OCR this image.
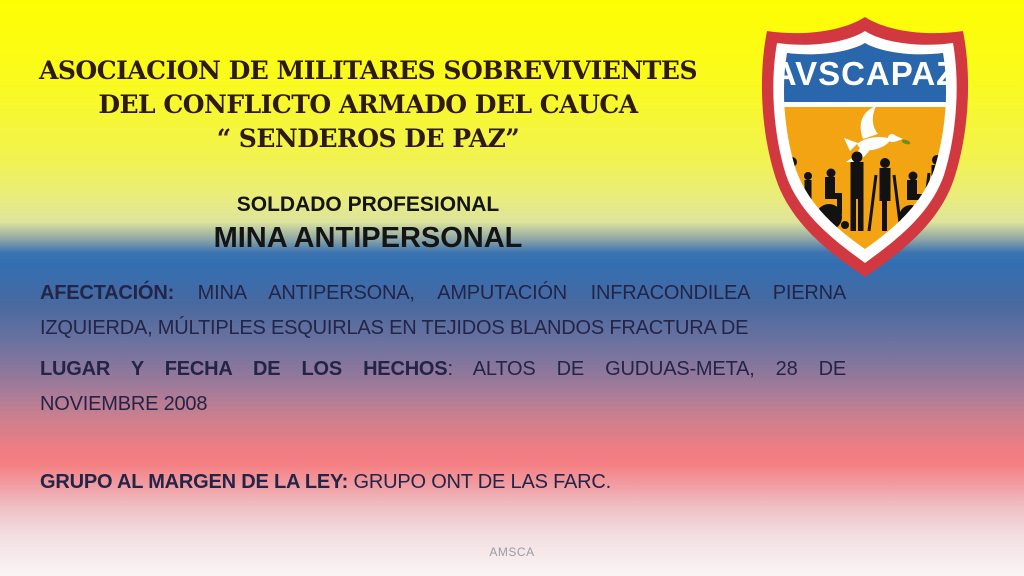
ASOCIACION DE MILITARES SOBREVIVIENTES
DEL CONFLICTO ARMADO DEL CAUCA
“ SENDEROS DE PAZ”
SOLDADO PROFESIONAL
MINA ANTIPERSONAL
AFECTACIÓN: MINA ANTIPERSONA, AMPUTACIÓN INFRACONDILEA PIERNA
IZQUIERDA, MÚLTIPLES ESQUIRLAS EN TEJIDOS BLANDOS FRACTURA DE
LUGAR Y FECHA DE LOS HECHOS: ALTOS DE GUDUAS-META, 28 DE
NOVIEMBRE 2008
GRUPO AL MARGEN DE LA LEY: GRUPO ONT DE LAS FARC.
AVSCAPAZ
AMSCA
